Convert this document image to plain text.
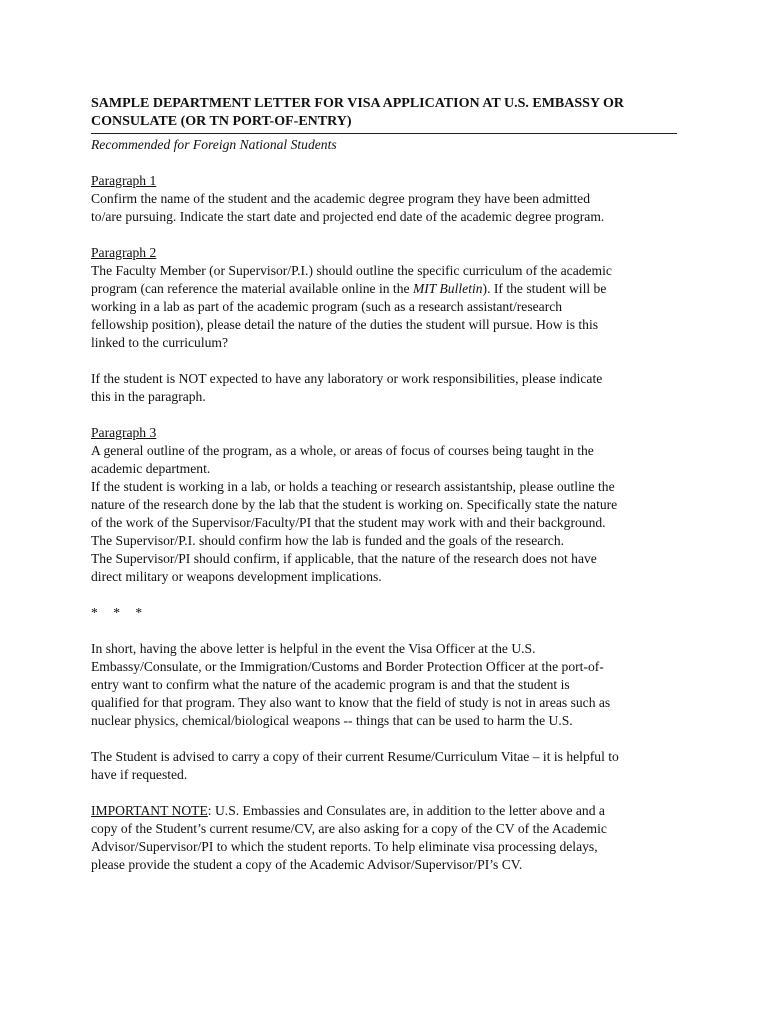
SAMPLE DEPARTMENT LETTER FOR VISA APPLICATION AT U.S. EMBASSY OR
CONSULATE (OR TN PORT-OF-ENTRY)

Recommended for Foreign National Students

Paragraph 1

Confirm the name of the student and the academic degree program they have been admitted
to/are pursuing. Indicate the start date and projected end date of the academic degree program.

Paragraph 2

The Faculty Member (or Supervisor/P.I.) should outline the specific curriculum of the academic
program (can reference the material available online in the MIT Bulletin). If the student will be
working in a lab as part of the academic program (such as a research assistant/research
fellowship position), please detail the nature of the duties the student will pursue. How is this
linked to the curriculum?

If the student is NOT expected to have any laboratory or work responsibilities, please indicate
this in the paragraph.

Paragraph 3

A general outline of the program, as a whole, or areas of focus of courses being taught in the
academic department.
If the student is working in a lab, or holds a teaching or research assistantship, please outline the
nature of the research done by the lab that the student is working on. Specifically state the nature
of the work of the Supervisor/Faculty/PI that the student may work with and their background.
The Supervisor/P.I. should confirm how the lab is funded and the goals of the research.
The Supervisor/PI should confirm, if applicable, that the nature of the research does not have
direct military or weapons development implications.

* * *

In short, having the above letter is helpful in the event the Visa Officer at the U.S.
Embassy/Consulate, or the Immigration/Customs and Border Protection Officer at the port-of-
entry want to confirm what the nature of the academic program is and that the student is
qualified for that program. They also want to know that the field of study is not in areas such as
nuclear physics, chemical/biological weapons -- things that can be used to harm the U.S.

The Student is advised to carry a copy of their current Resume/Curriculum Vitae – it is helpful to
have if requested.

IMPORTANT NOTE: U.S. Embassies and Consulates are, in addition to the letter above and a
copy of the Student’s current resume/CV, are also asking for a copy of the CV of the Academic
Advisor/Supervisor/PI to which the student reports. To help eliminate visa processing delays,
please provide the student a copy of the Academic Advisor/Supervisor/PI’s CV.
